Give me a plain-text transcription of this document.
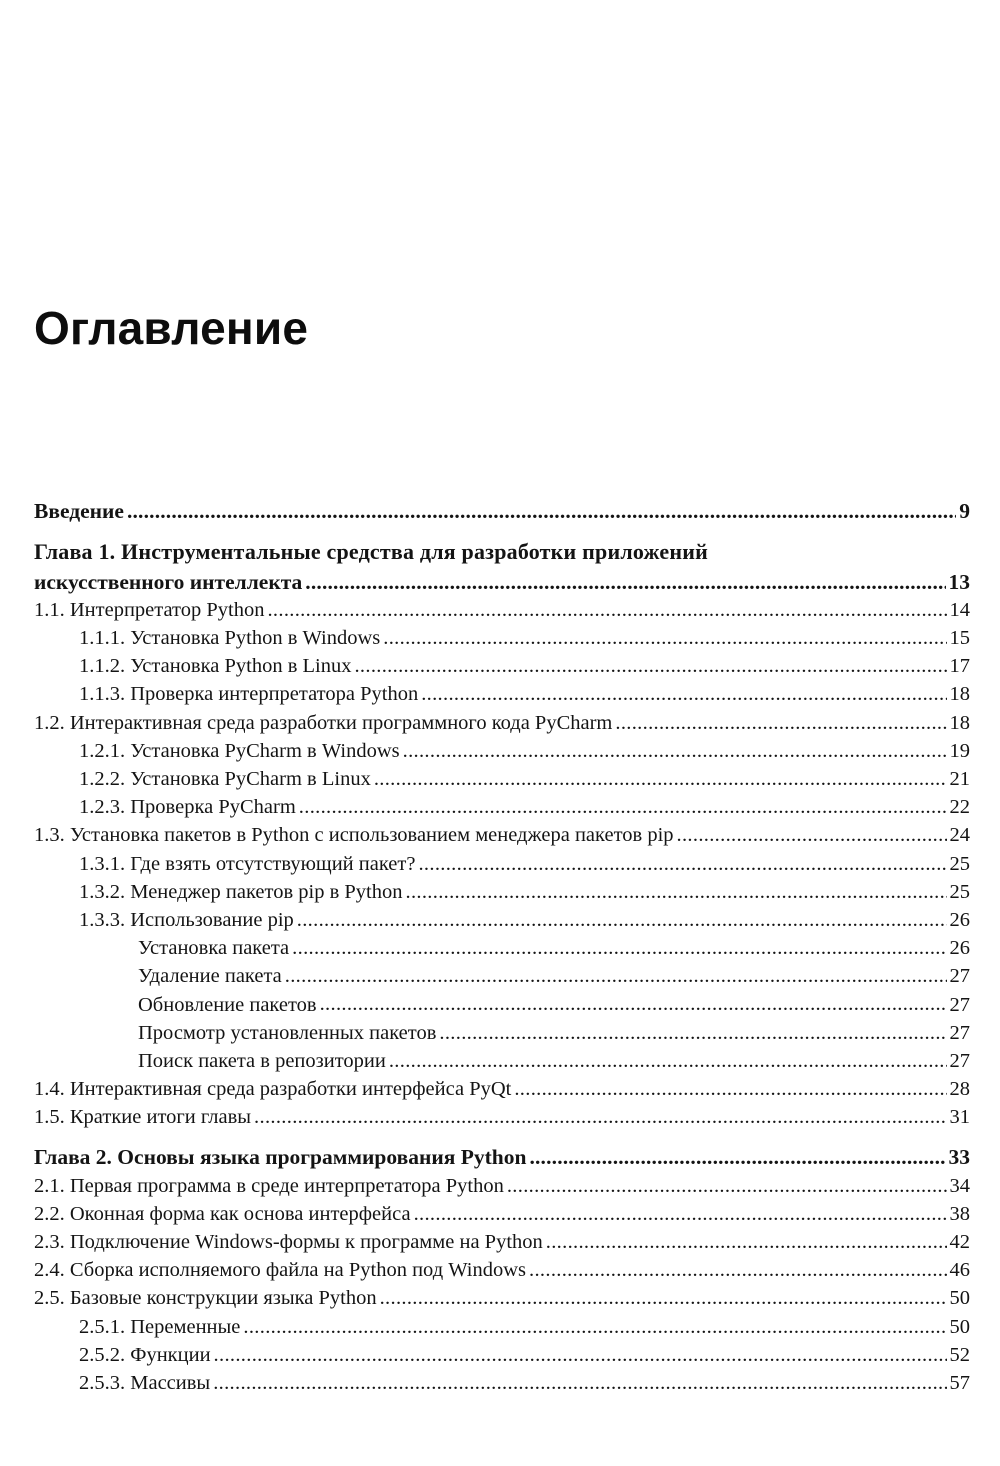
Оглавление
Введение . . .	9
Глава 1. Инструментальные средства для разработки приложений
искусственного интеллекта . . .	13
1.1. Интерпретатор Python . . .	14
1.1.1. Установка Python в Windows . . .	15
1.1.2. Установка Python в Linux . . .	17
1.1.3. Проверка интерпретатора Python . . .	18
1.2. Интерактивная среда разработки программного кода PyCharm . . .	18
1.2.1. Установка PyCharm в Windows . . .	19
1.2.2. Установка PyCharm в Linux . . .	21
1.2.3. Проверка PyCharm . . .	22
1.3. Установка пакетов в Python с использованием менеджера пакетов pip . . .	24
1.3.1. Где взять отсутствующий пакет? . . .	25
1.3.2. Менеджер пакетов pip в Python . . .	25
1.3.3. Использование pip . . .	26
Установка пакета . . .	26
Удаление пакета . . .	27
Обновление пакетов . . .	27
Просмотр установленных пакетов . . .	27
Поиск пакета в репозитории . . .	27
1.4. Интерактивная среда разработки интерфейса PyQt . . .	28
1.5. Краткие итоги главы . . .	31
Глава 2. Основы языка программирования Python . . .	33
2.1. Первая программа в среде интерпретатора Python . . .	34
2.2. Оконная форма как основа интерфейса . . .	38
2.3. Подключение Windows-формы к программе на Python . . .	42
2.4. Сборка исполняемого файла на Python под Windows . . .	46
2.5. Базовые конструкции языка Python . . .	50
2.5.1. Переменные . . .	50
2.5.2. Функции . . .	52
2.5.3. Массивы . . .	57
